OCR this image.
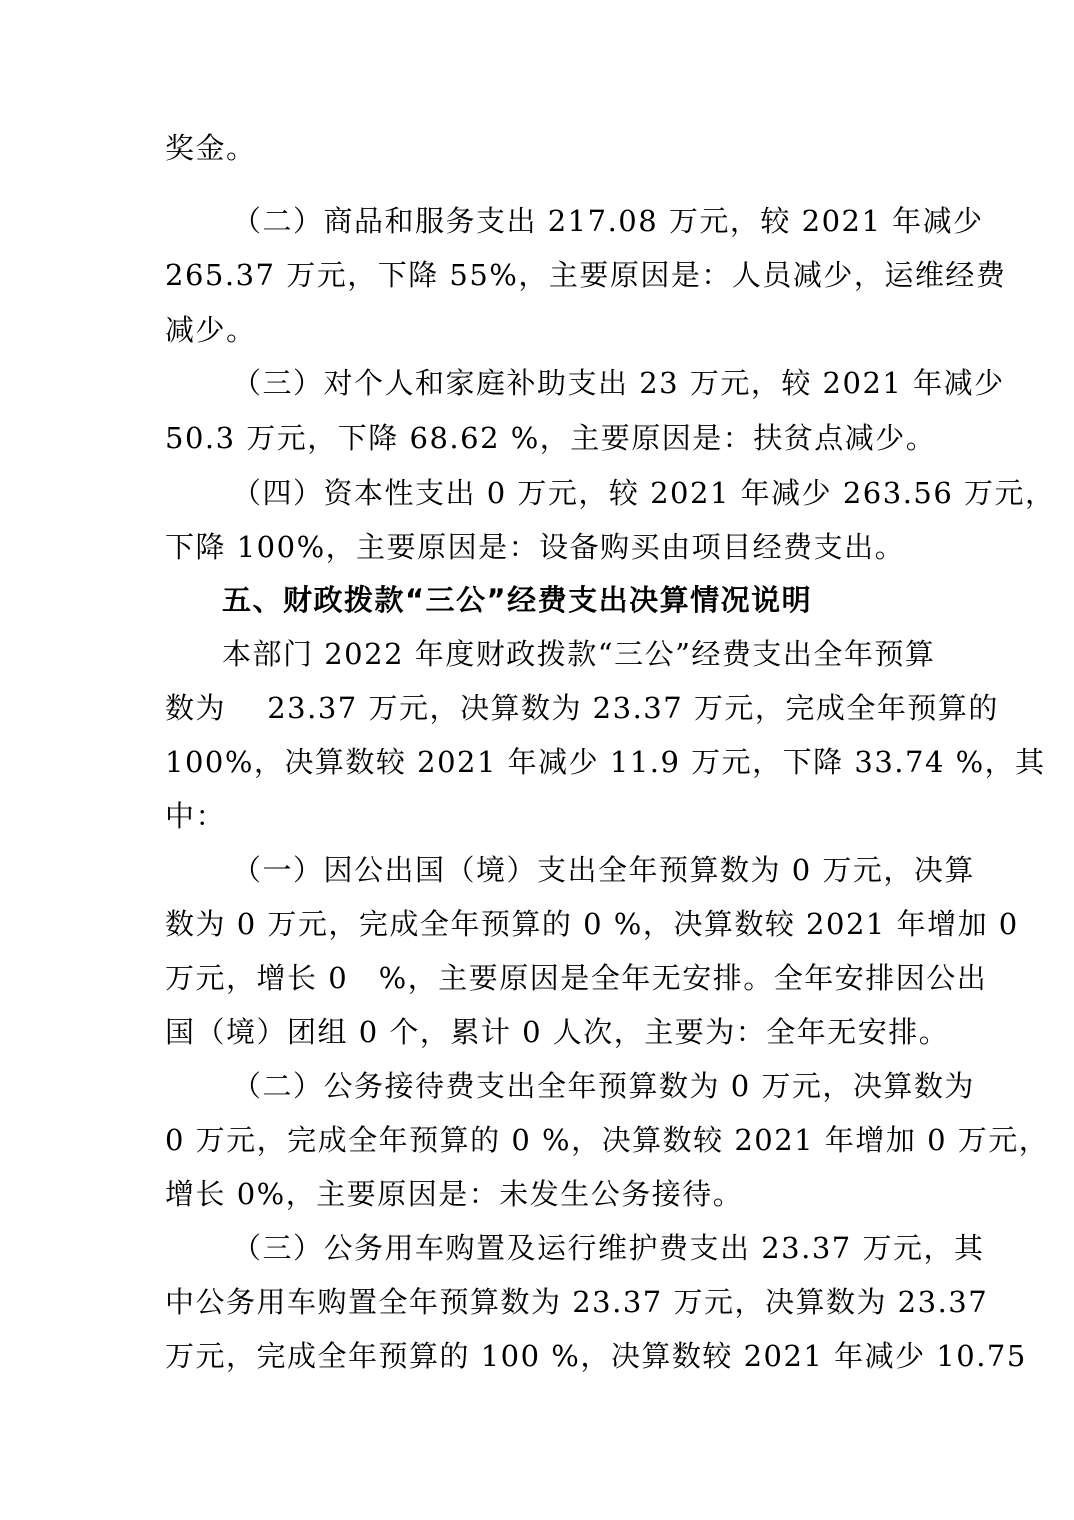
奖金。
（二）商品和服务支出 217.08 万元，较 2021 年减少
265.37 万元，下降 55%，主要原因是：人员减少，运维经费
减少。
（三）对个人和家庭补助支出 23 万元，较 2021 年减少
50.3 万元，下降 68.62 %，主要原因是：扶贫点减少。
（四）资本性支出 0 万元，较 2021 年减少 263.56 万元，
下降 100%，主要原因是：设备购买由项目经费支出。
五、财政拨款“三公”经费支出决算情况说明
本部门 2022 年度财政拨款“三公”经费支出全年预算
数为　 23.37 万元，决算数为 23.37 万元，完成全年预算的
100%，决算数较 2021 年减少 11.9 万元，下降 33.74 %，其
中：
（一）因公出国（境）支出全年预算数为 0 万元，决算
数为 0 万元，完成全年预算的 0 %，决算数较 2021 年增加 0
万元，增长 0　%，主要原因是全年无安排。全年安排因公出
国（境）团组 0 个，累计 0 人次，主要为：全年无安排。
（二）公务接待费支出全年预算数为 0 万元，决算数为
0 万元，完成全年预算的 0 %，决算数较 2021 年增加 0 万元，
增长 0%，主要原因是：未发生公务接待。
（三）公务用车购置及运行维护费支出 23.37 万元，其
中公务用车购置全年预算数为 23.37 万元，决算数为 23.37
万元，完成全年预算的 100 %，决算数较 2021 年减少 10.75
